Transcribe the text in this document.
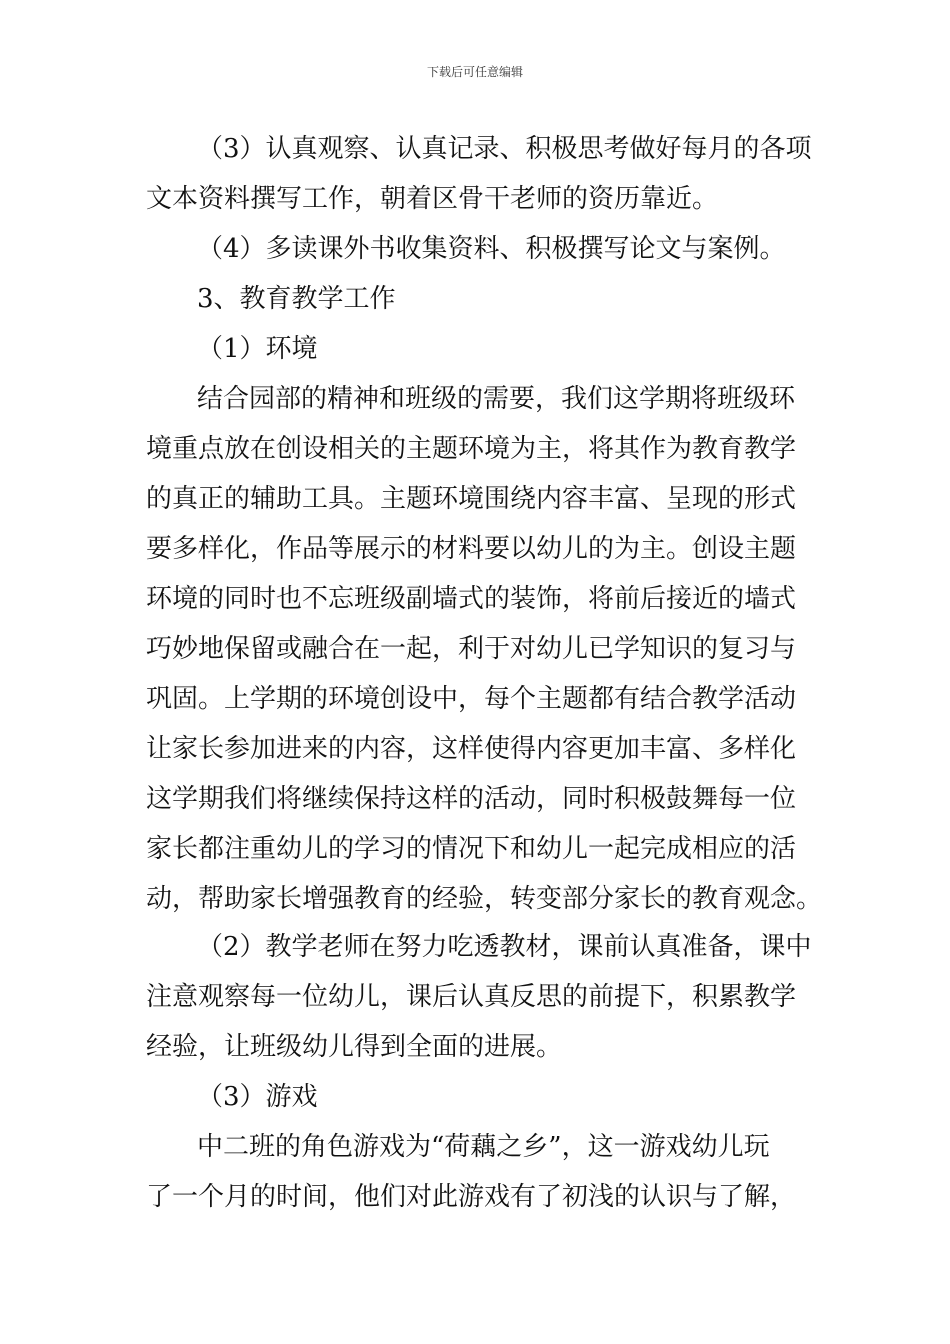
下载后可任意编辑
（3）认真观察、认真记录、积极思考做好每月的各项
文本资料撰写工作，朝着区骨干老师的资历靠近。
（4）多读课外书收集资料、积极撰写论文与案例。
3、教育教学工作
（1）环境
结合园部的精神和班级的需要，我们这学期将班级环
境重点放在创设相关的主题环境为主，将其作为教育教学
的真正的辅助工具。主题环境围绕内容丰富、呈现的形式
要多样化，作品等展示的材料要以幼儿的为主。创设主题
环境的同时也不忘班级副墙式的装饰，将前后接近的墙式
巧妙地保留或融合在一起，利于对幼儿已学知识的复习与
巩固。上学期的环境创设中，每个主题都有结合教学活动
让家长参加进来的内容，这样使得内容更加丰富、多样化
这学期我们将继续保持这样的活动，同时积极鼓舞每一位
家长都注重幼儿的学习的情况下和幼儿一起完成相应的活
动，帮助家长增强教育的经验，转变部分家长的教育观念。
（2）教学老师在努力吃透教材，课前认真准备，课中
注意观察每一位幼儿，课后认真反思的前提下，积累教学
经验，让班级幼儿得到全面的进展。
（3）游戏
中二班的角色游戏为“荷藕之乡”，这一游戏幼儿玩
了一个月的时间，他们对此游戏有了初浅的认识与了解，
